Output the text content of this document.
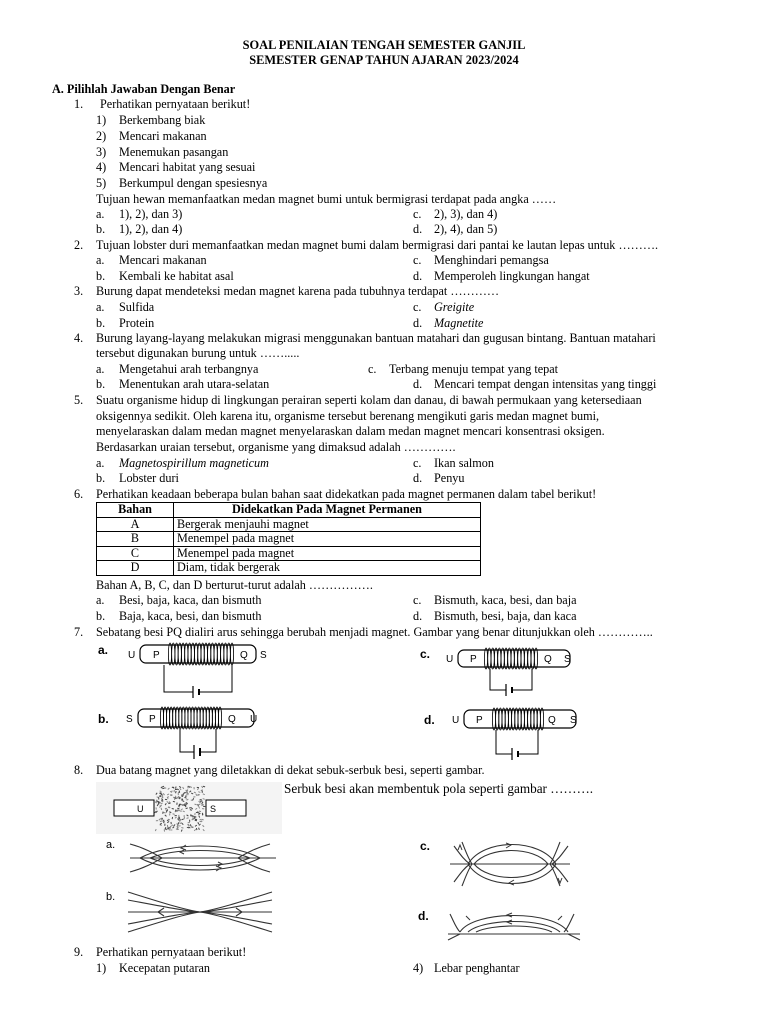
SOAL PENILAIAN TENGAH SEMESTER GANJIL
SEMESTER GENAP TAHUN AJARAN 2023/2024
A. Pilihlah Jawaban Dengan Benar
1. Perhatikan pernyataan berikut!
1) Berkembang biak
2) Mencari makanan
3) Menemukan pasangan
4) Mencari habitat yang sesuai
5) Berkumpul dengan spesiesnya
Tujuan hewan memanfaatkan medan magnet bumi untuk bermigrasi terdapat pada angka ……
a. 1), 2), dan 3)	c. 2), 3), dan 4)
b. 1), 2), dan 4)	d. 2), 4), dan 5)
2. Tujuan lobster duri memanfaatkan medan magnet bumi dalam bermigrasi dari pantai ke lautan lepas untuk ……….
a. Mencari makanan	c. Menghindari pemangsa
b. Kembali ke habitat asal	d. Memperoleh lingkungan hangat
3. Burung dapat mendeteksi medan magnet karena pada tubuhnya terdapat …………
a. Sulfida	c. Greigite
b. Protein	d. Magnetite
4. Burung layang-layang melakukan migrasi menggunakan bantuan matahari dan gugusan bintang. Bantuan matahari
tersebut digunakan burung untuk …….....
a. Mengetahui arah terbangnya	c. Terbang menuju tempat yang tepat
b. Menentukan arah utara-selatan	d. Mencari tempat dengan intensitas yang tinggi
5. Suatu organisme hidup di lingkungan perairan seperti kolam dan danau, di bawah permukaan yang ketersediaan
oksigennya sedikit. Oleh karena itu, organisme tersebut berenang mengikuti garis medan magnet bumi,
menyelaraskan dalam medan magnet menyelaraskan dalam medan magnet mencari konsentrasi oksigen.
Berdasarkan uraian tersebut, organisme yang dimaksud adalah ………….
a. Magnetospirillum magneticum	c. Ikan salmon
b. Lobster duri	d. Penyu
6. Perhatikan keadaan beberapa bulan bahan saat didekatkan pada magnet permanen dalam tabel berikut!
Bahan	Didekatkan Pada Magnet Permanen
A	Bergerak menjauhi magnet
B	Menempel pada magnet
C	Menempel pada magnet
D	Diam, tidak bergerak
Bahan A, B, C, dan D berturut-turut adalah …………….
a. Besi, baja, kaca, dan bismuth	c. Bismuth, kaca, besi, dan baja
b. Baja, kaca, besi, dan bismuth	d. Bismuth, besi, baja, dan kaca
7. Sebatang besi PQ dialiri arus sehingga berubah menjadi magnet. Gambar yang benar ditunjukkan oleh …………..
a. U P	Q S
b. S P	Q U
c. U P	Q S
d. U P	Q S
8. Dua batang magnet yang diletakkan di dekat sebuk-serbuk besi, seperti gambar.
Serbuk besi akan membentuk pola seperti gambar ……….
U	S
a.
b.
c.
d.
9. Perhatikan pernyataan berikut!
1) Kecepatan putaran	4) Lebar penghantar
